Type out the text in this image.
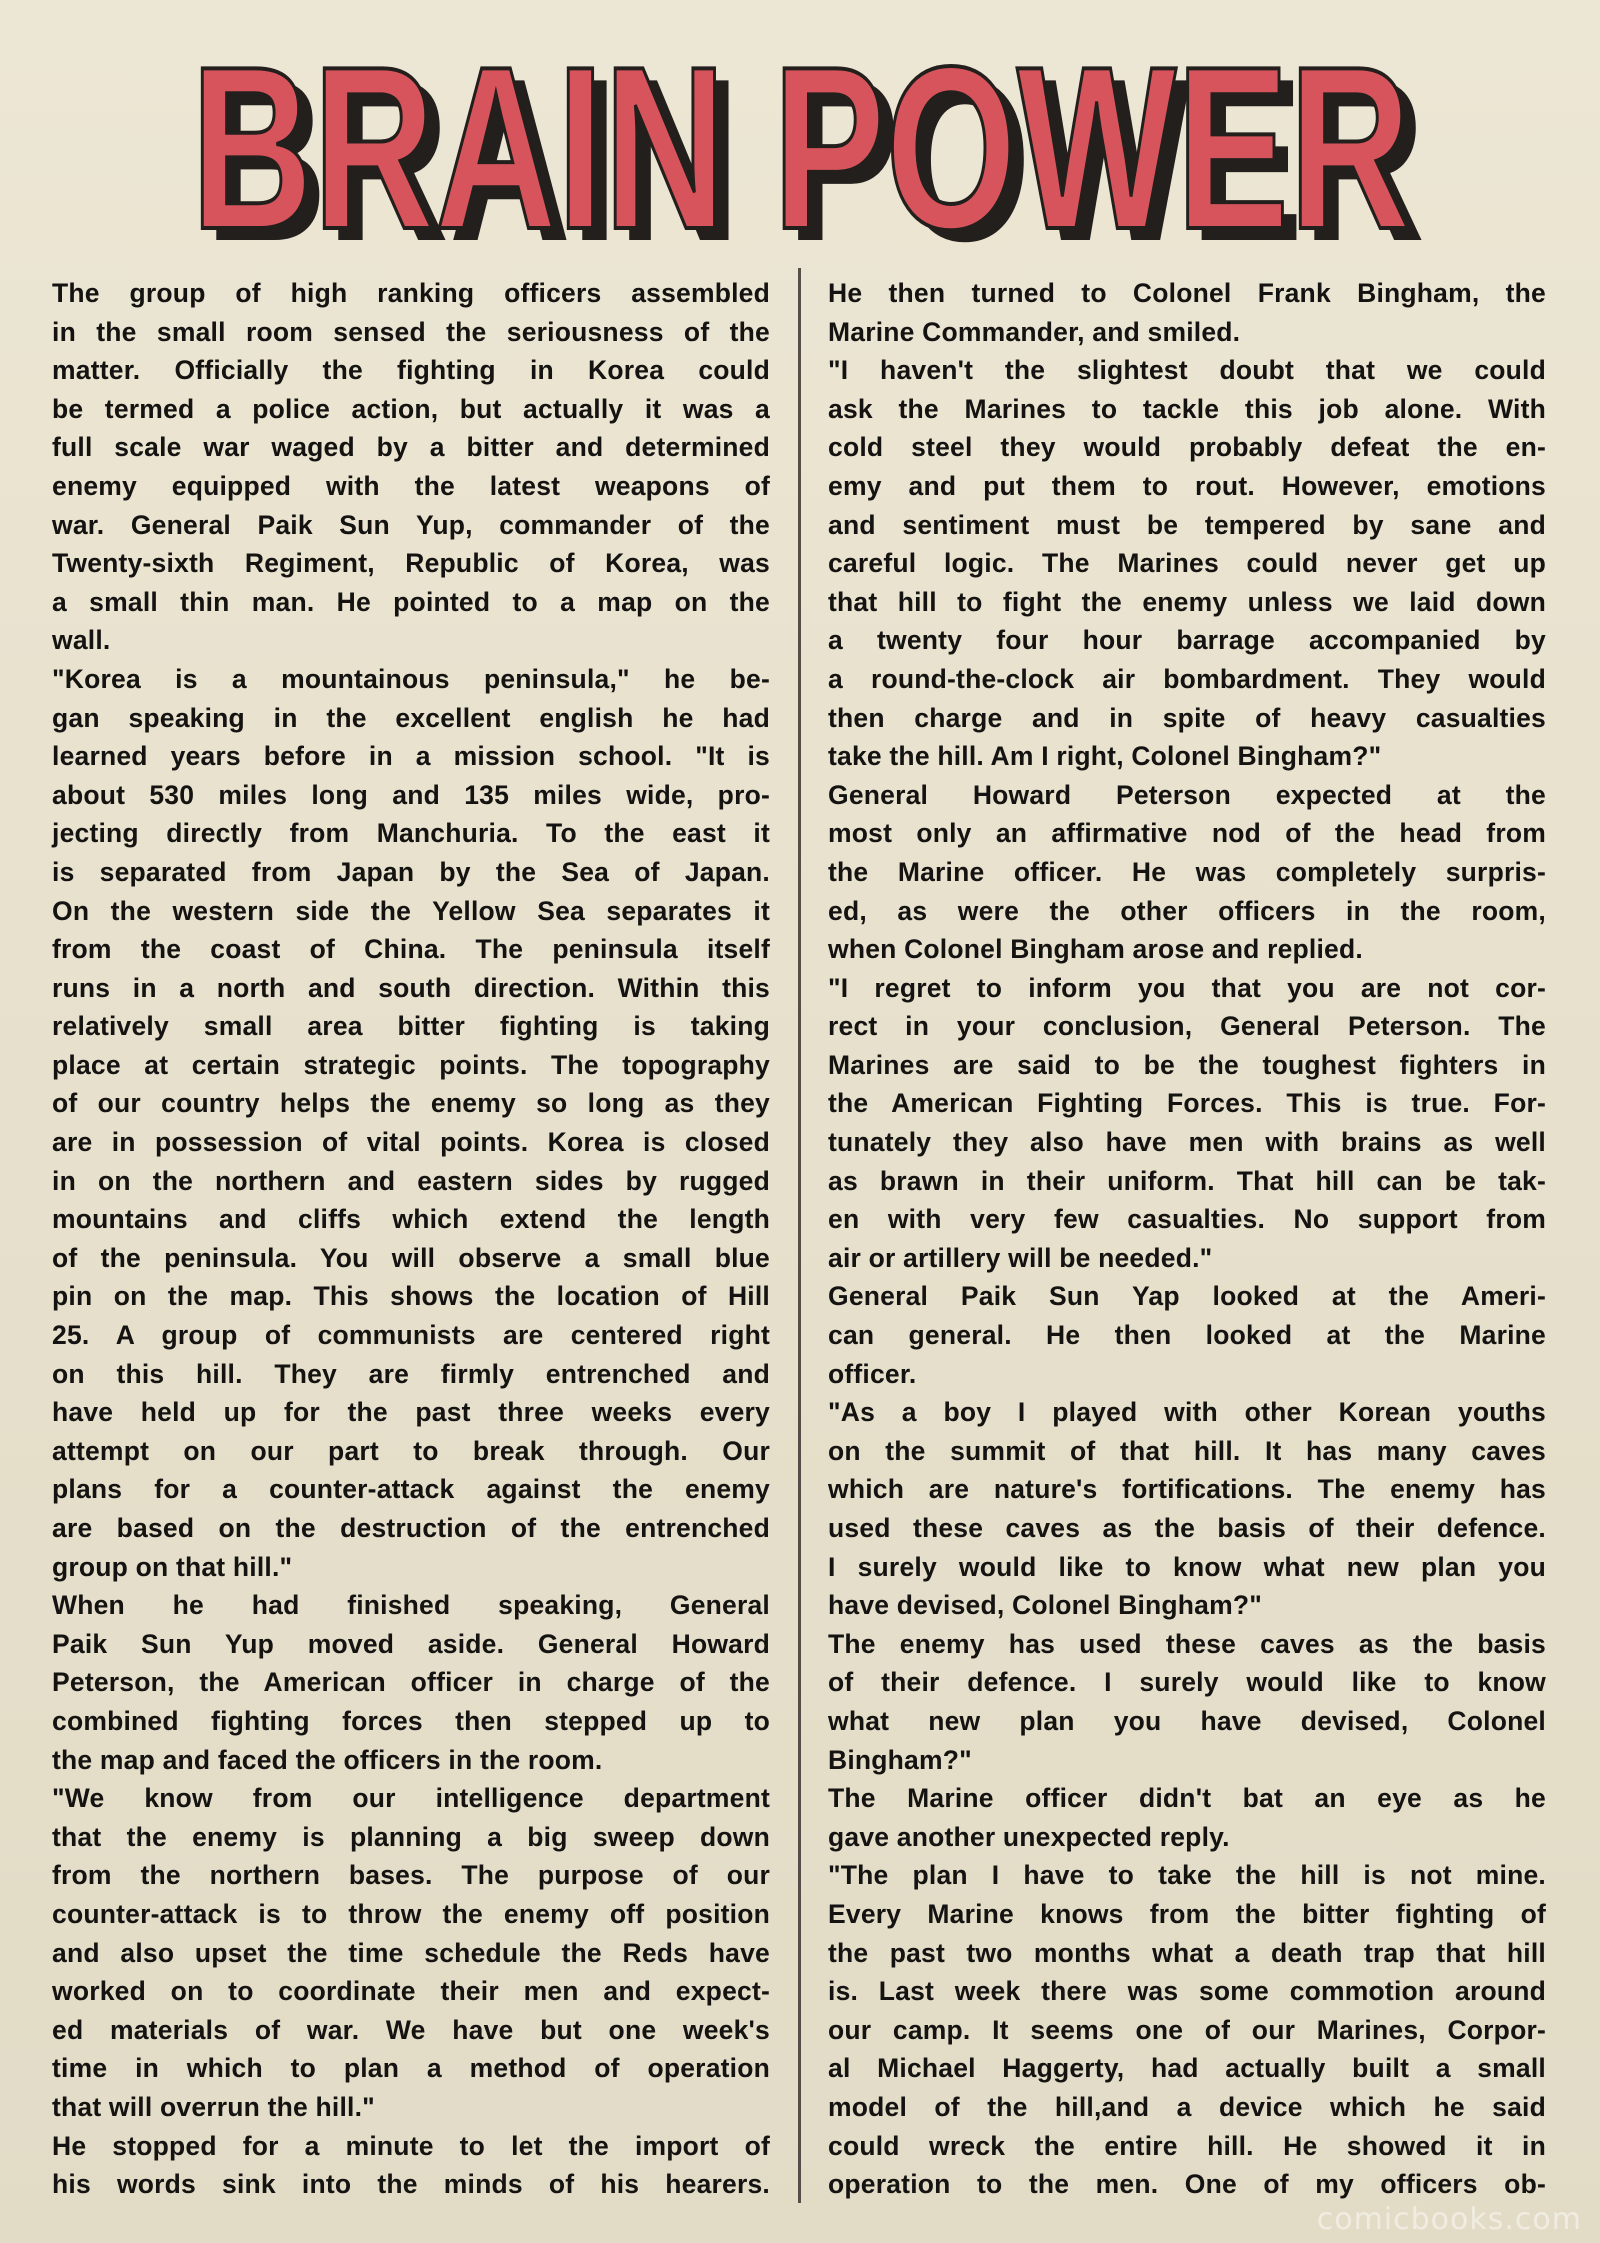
BRAIN POWER
BRAIN POWER
The group of high ranking officers assembled
in the small room sensed the seriousness of the
matter. Officially the fighting in Korea could
be termed a police action, but actually it was a
full scale war waged by a bitter and determined
enemy equipped with the latest weapons of
war. General Paik Sun Yup, commander of the
Twenty-sixth Regiment, Republic of Korea, was
a small thin man. He pointed to a map on the
wall.
"Korea is a mountainous peninsula," he be-
gan speaking in the excellent english he had
learned years before in a mission school. "It is
about 530 miles long and 135 miles wide, pro-
jecting directly from Manchuria. To the east it
is separated from Japan by the Sea of Japan.
On the western side the Yellow Sea separates it
from the coast of China. The peninsula itself
runs in a north and south direction. Within this
relatively small area bitter fighting is taking
place at certain strategic points. The topography
of our country helps the enemy so long as they
are in possession of vital points. Korea is closed
in on the northern and eastern sides by rugged
mountains and cliffs which extend the length
of the peninsula. You will observe a small blue
pin on the map. This shows the location of Hill
25. A group of communists are centered right
on this hill. They are firmly entrenched and
have held up for the past three weeks every
attempt on our part to break through. Our
plans for a counter-attack against the enemy
are based on the destruction of the entrenched
group on that hill."
When he had finished speaking, General
Paik Sun Yup moved aside. General Howard
Peterson, the American officer in charge of the
combined fighting forces then stepped up to
the map and faced the officers in the room.
"We know from our intelligence department
that the enemy is planning a big sweep down
from the northern bases. The purpose of our
counter-attack is to throw the enemy off position
and also upset the time schedule the Reds have
worked on to coordinate their men and expect-
ed materials of war. We have but one week's
time in which to plan a method of operation
that will overrun the hill."
He stopped for a minute to let the import of
his words sink into the minds of his hearers.
He then turned to Colonel Frank Bingham, the
Marine Commander, and smiled.
"I haven't the slightest doubt that we could
ask the Marines to tackle this job alone. With
cold steel they would probably defeat the en-
emy and put them to rout. However, emotions
and sentiment must be tempered by sane and
careful logic. The Marines could never get up
that hill to fight the enemy unless we laid down
a twenty four hour barrage accompanied by
a round-the-clock air bombardment. They would
then charge and in spite of heavy casualties
take the hill. Am I right, Colonel Bingham?"
General Howard Peterson expected at the
most only an affirmative nod of the head from
the Marine officer. He was completely surpris-
ed, as were the other officers in the room,
when Colonel Bingham arose and replied.
"I regret to inform you that you are not cor-
rect in your conclusion, General Peterson. The
Marines are said to be the toughest fighters in
the American Fighting Forces. This is true. For-
tunately they also have men with brains as well
as brawn in their uniform. That hill can be tak-
en with very few casualties. No support from
air or artillery will be needed."
General Paik Sun Yap looked at the Ameri-
can general. He then looked at the Marine
officer.
"As a boy I played with other Korean youths
on the summit of that hill. It has many caves
which are nature's fortifications. The enemy has
used these caves as the basis of their defence.
I surely would like to know what new plan you
have devised, Colonel Bingham?"
The enemy has used these caves as the basis
of their defence. I surely would like to know
what new plan you have devised, Colonel
Bingham?"
The Marine officer didn't bat an eye as he
gave another unexpected reply.
"The plan I have to take the hill is not mine.
Every Marine knows from the bitter fighting of
the past two months what a death trap that hill
is. Last week there was some commotion around
our camp. It seems one of our Marines, Corpor-
al Michael Haggerty, had actually built a small
model of the hill,and a device which he said
could wreck the entire hill. He showed it in
operation to the men. One of my officers ob-
comicbooks.com
